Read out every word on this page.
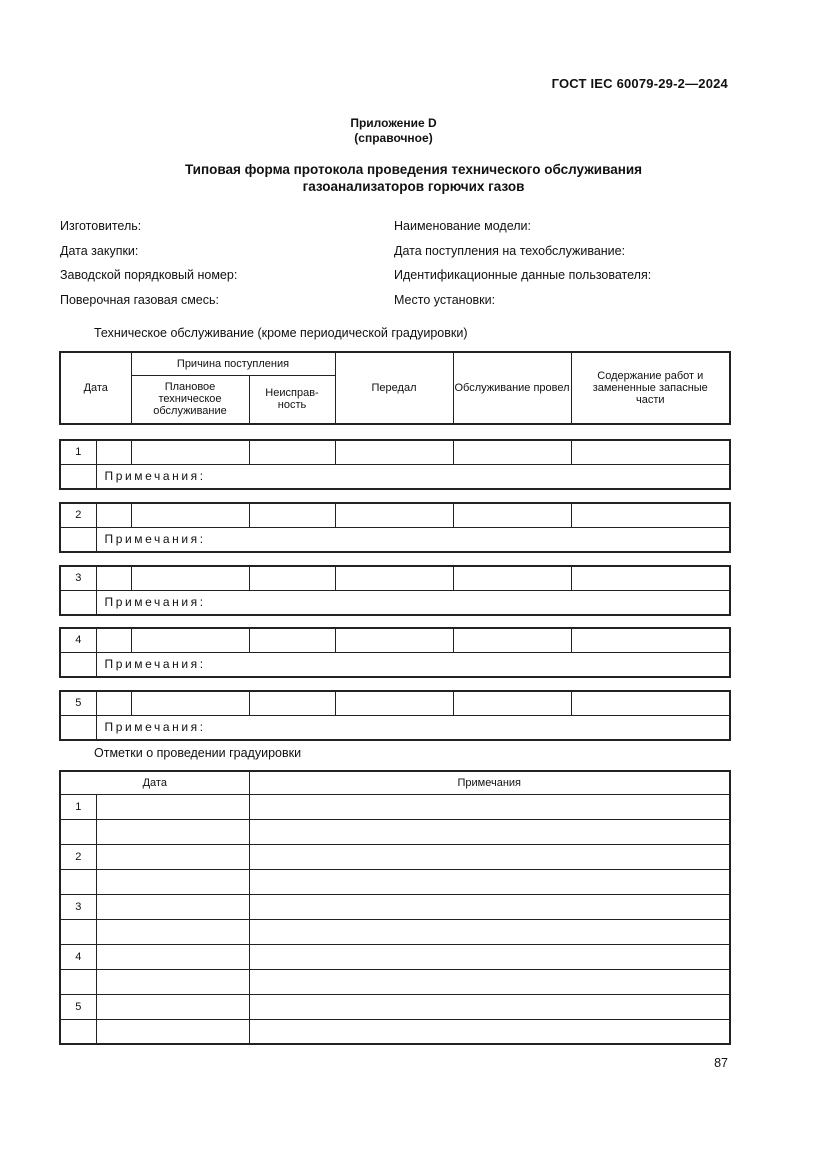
ГОСТ IEC 60079-29-2—2024
Приложение D
(справочное)
Типовая форма протокола проведения технического обслуживания
газоанализаторов горючих газов
Изготовитель:
Дата закупки:
Заводской порядковый номер:
Поверочная газовая смесь:
Наименование модели:
Дата поступления на техобслуживание:
Идентификационные данные пользователя:
Место установки:
Техническое обслуживание (кроме периодической градуировки)
Дата	Причина поступления		Передал	Обслуживание провел	Содержание работ и замененные запасные части
	Плановое техническое обслуживание	Неисправ-ность			
1						
	Примечания:					
2						
	Примечания:					
3						
	Примечания:					
4						
	Примечания:					
5						
	Примечания:					
Отметки о проведении градуировки
Дата		Примечания
1		

2		

3		

4		

5		

87
